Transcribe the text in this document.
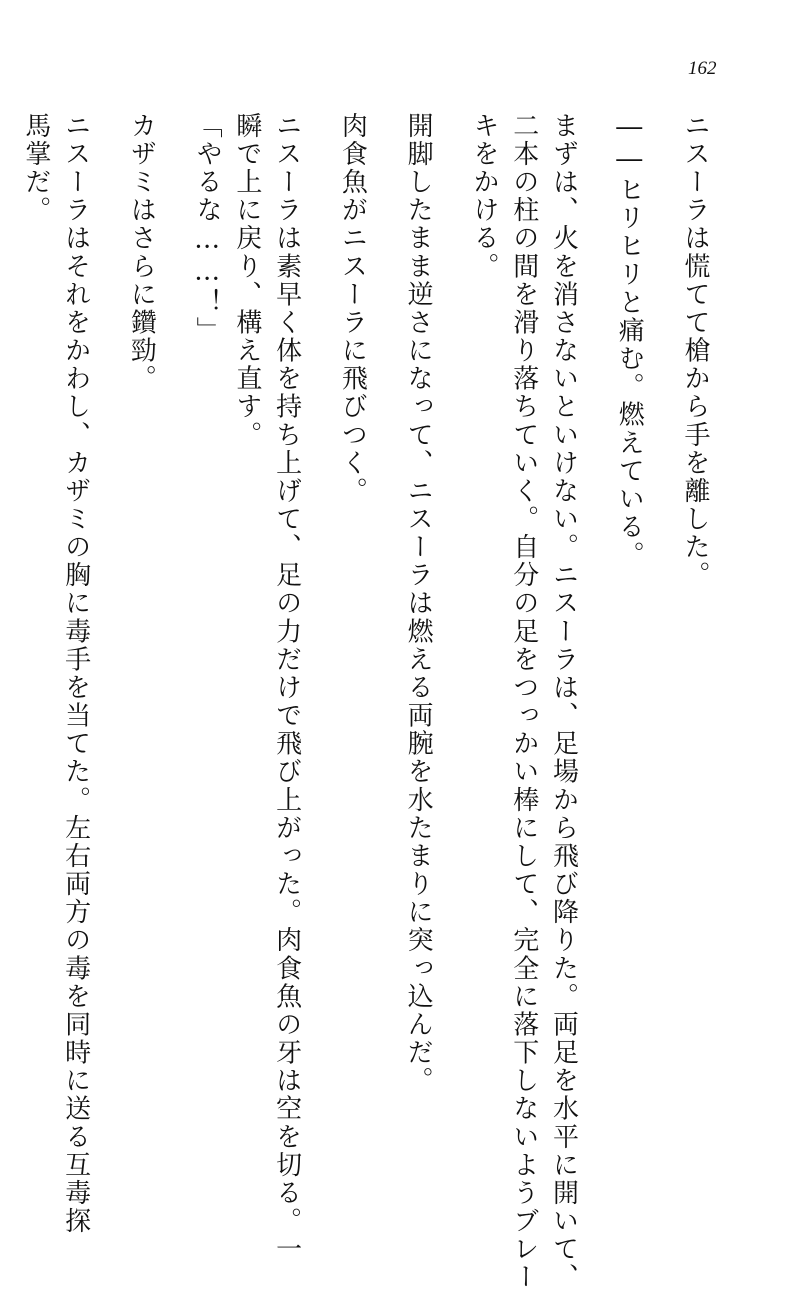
162
ニスーラは慌てて槍から手を離した。
――ヒリヒリと痛む。燃えている。
まずは、火を消さないといけない。ニスーラは、足場から飛び降りた。両足を水平に開いて、
二本の柱の間を滑り落ちていく。自分の足をつっかい棒にして、完全に落下しないようブレー
キをかける。
開脚したまま逆さになって、ニスーラは燃える両腕を水たまりに突っ込んだ。
肉食魚がニスーラに飛びつく。
ニスーラは素早く体を持ち上げて、足の力だけで飛び上がった。肉食魚の牙は空を切る。一
瞬で上に戻り、構え直す。
「やるな……！」
カザミはさらに鑽勁。
ニスーラはそれをかわし、カザミの胸に毒手を当てた。左右両方の毒を同時に送る互毒探
馬掌だ。
